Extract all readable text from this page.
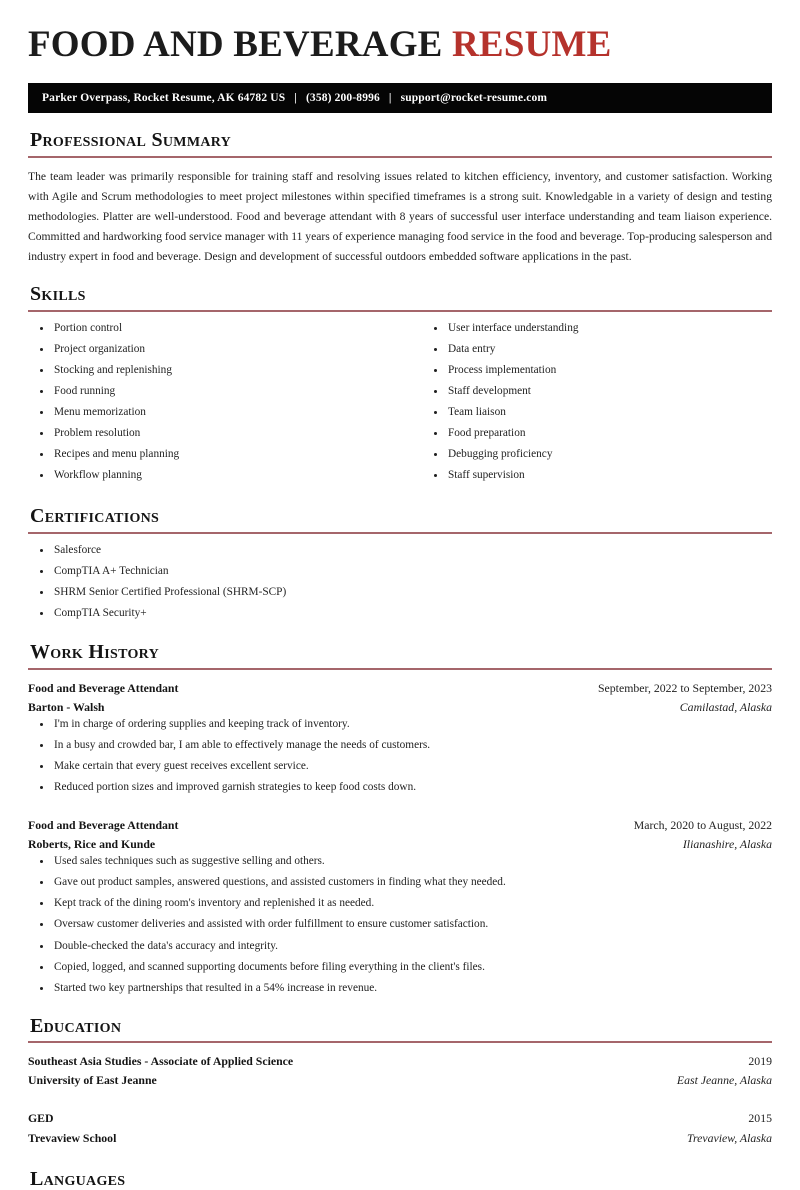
FOOD AND BEVERAGE RESUME
Parker Overpass, Rocket Resume, AK 64782 US | (358) 200-8996 | support@rocket-resume.com
Professional Summary

The team leader was primarily responsible for training staff and resolving issues related to kitchen efficiency, inventory, and customer satisfaction. Working with Agile and Scrum methodologies to meet project milestones within specified timeframes is a strong suit. Knowledgable in a variety of design and testing methodologies. Platter are well-understood. Food and beverage attendant with 8 years of successful user interface understanding and team liaison experience. Committed and hardworking food service manager with 11 years of experience managing food service in the food and beverage. Top-producing salesperson and industry expert in food and beverage. Design and development of successful outdoors embedded software applications in the past.

Skills
Portion control
Project organization
Stocking and replenishing
Food running
Menu memorization
Problem resolution
Recipes and menu planning
Workflow planning
User interface understanding
Data entry
Process implementation
Staff development
Team liaison
Food preparation
Debugging proficiency
Staff supervision
Certifications
Salesforce
CompTIA A+ Technician
SHRM Senior Certified Professional (SHRM-SCP)
CompTIA Security+
Work History
Food and Beverage Attendant	September, 2022 to September, 2023
Barton - Walsh	Camilastad, Alaska
I'm in charge of ordering supplies and keeping track of inventory.
In a busy and crowded bar, I am able to effectively manage the needs of customers.
Make certain that every guest receives excellent service.
Reduced portion sizes and improved garnish strategies to keep food costs down.
Food and Beverage Attendant	March, 2020 to August, 2022
Roberts, Rice and Kunde	Ilianashire, Alaska
Used sales techniques such as suggestive selling and others.
Gave out product samples, answered questions, and assisted customers in finding what they needed.
Kept track of the dining room's inventory and replenished it as needed.
Oversaw customer deliveries and assisted with order fulfillment to ensure customer satisfaction.
Double-checked the data's accuracy and integrity.
Copied, logged, and scanned supporting documents before filing everything in the client's files.
Started two key partnerships that resulted in a 54% increase in revenue.
Education
Southeast Asia Studies - Associate of Applied Science	2019
University of East Jeanne	East Jeanne, Alaska
GED	2015
Trevaview School	Trevaview, Alaska
Languages
